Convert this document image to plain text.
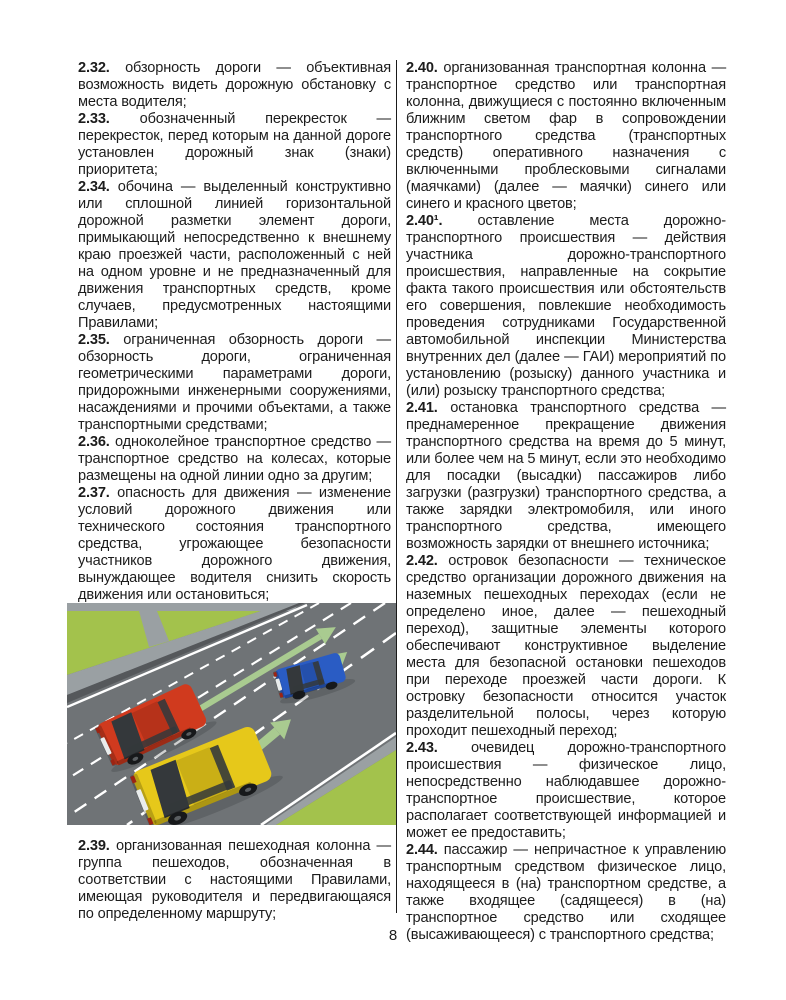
2.32. обзорность дороги — объективная возможность видеть дорожную обстановку с места водителя;

2.33. обозначенный перекресток — перекресток, перед которым на данной дороге установлен дорожный знак (знаки) приоритета;

2.34. обочина — выделенный конструктивно или сплошной линией горизонтальной дорожной разметки элемент дороги, примыкающий непосредственно к внешнему краю проезжей части, расположенный с ней на одном уровне и не предназначенный для движения транспортных средств, кроме случаев, предусмотренных настоящими Правилами;

2.35. ограниченная обзорность дороги — обзорность дороги, ограниченная геометрическими параметрами дороги, придорожными инженерными сооружениями, насаждениями и прочими объектами, а также транспортными средствами;

2.36. одноколейное транспортное средство — транспортное средство на колесах, которые размещены на одной линии одно за другим;

2.37. опасность для движения — изменение условий дорожного движения или технического состояния транспортного средства, угрожающее безопасности участников дорожного движения, вынуждающее водителя снизить скорость движения или остановиться;

2.39. организованная пешеходная колонна — группа пешеходов, обозначенная в соответствии с настоящими Правилами, имеющая руководителя и передвигающаяся по определенному маршруту;

2.40. организованная транспортная колонна — транспортное средство или транспортная колонна, движущиеся с постоянно включенным ближним светом фар в сопровождении транспортного средства (транспортных средств) оперативного назначения с включенными проблесковыми сигналами (маячками) (далее — маячки) синего или синего и красного цветов;

2.40¹. оставление места дорожно-транспортного происшествия — действия участника дорожно-транспортного происшествия, направленные на сокрытие факта такого происшествия или обстоятельств его совершения, повлекшие необходимость проведения сотрудниками Государственной автомобильной инспекции Министерства внутренних дел (далее — ГАИ) мероприятий по установлению (розыску) данного участника и (или) розыску транспортного средства;

2.41. остановка транспортного средства — преднамеренное прекращение движения транспортного средства на время до 5 минут, или более чем на 5 минут, если это необходимо для посадки (высадки) пассажиров либо загрузки (разгрузки) транспортного средства, а также зарядки электромобиля, или иного транспортного средства, имеющего возможность зарядки от внешнего источника;

2.42. островок безопасности — техническое средство организации дорожного движения на наземных пешеходных переходах (если не определено иное, далее — пешеходный переход), защитные элементы которого обеспечивают конструктивное выделение места для безопасной остановки пешеходов при переходе проезжей части дороги. К островку безопасности относится участок разделительной полосы, через которую проходит пешеходный переход;

2.43. очевидец дорожно-транспортного происшествия — физическое лицо, непосредственно наблюдавшее дорожно-транспортное происшествие, которое располагает соответствующей информацией и может ее предоставить;

2.44. пассажир — непричастное к управлению транспортным средством физическое лицо, находящееся в (на) транспортном средстве, а также входящее (садящееся) в (на) транспортное средство или сходящее (высаживающееся) с транспортного средства;

8
